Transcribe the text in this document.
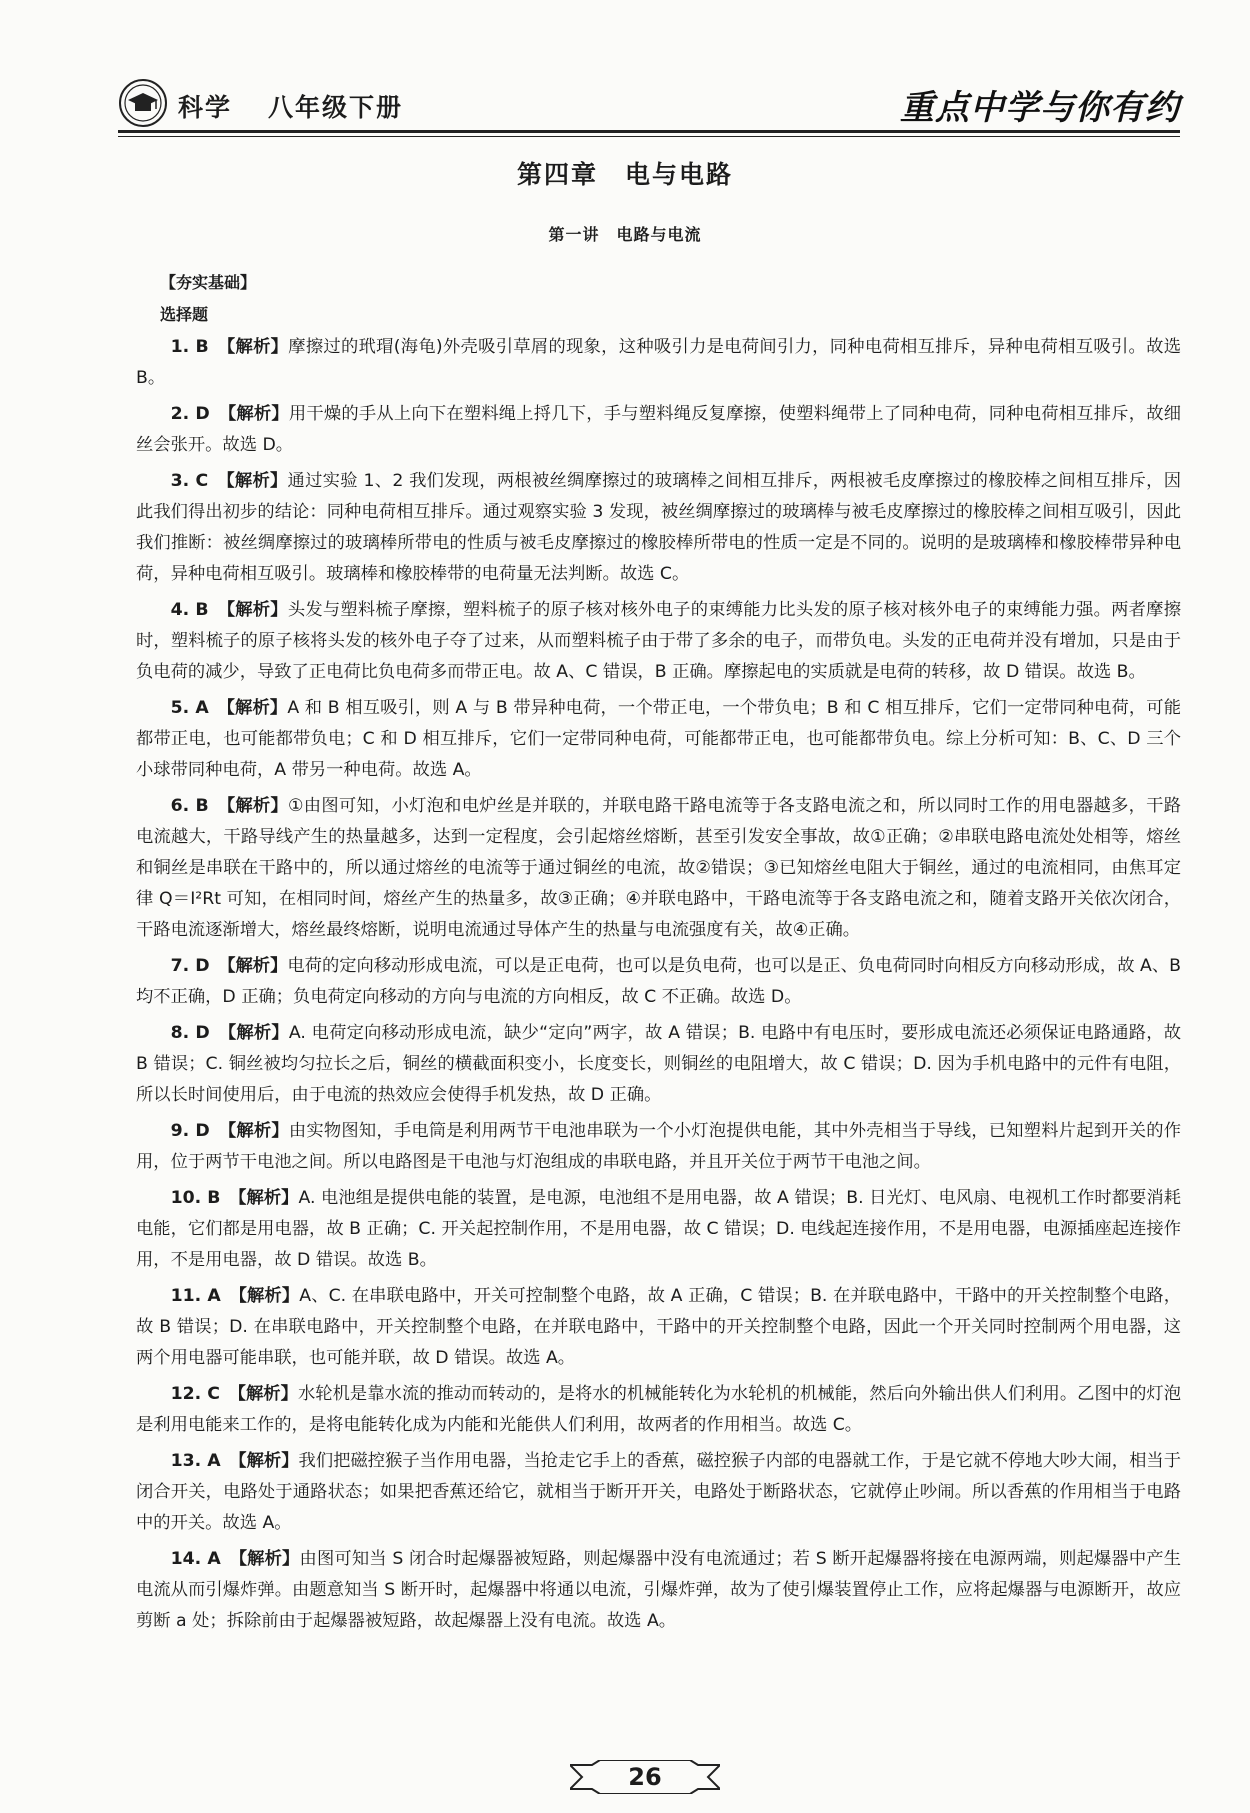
科学 八年级下册	重点中学与你有约
第四章　电与电路
第一讲　电路与电流
【夯实基础】
选择题

1. B　 【解析】摩擦过的玳瑁(海龟)外壳吸引草屑的现象，这种吸引力是电荷间引力，同种电荷相互排斥，异种电荷相互吸引。故选 B。

2. D　 【解析】用干燥的手从上向下在塑料绳上捋几下，手与塑料绳反复摩擦，使塑料绳带上了同种电荷，同种电荷相互排斥，故细丝会张开。故选 D。

3. C　 【解析】通过实验 1、2 我们发现，两根被丝绸摩擦过的玻璃棒之间相互排斥，两根被毛皮摩擦过的橡胶棒之间相互排斥，因此我们得出初步的结论：同种电荷相互排斥。通过观察实验 3 发现，被丝绸摩擦过的玻璃棒与被毛皮摩擦过的橡胶棒之间相互吸引，因此我们推断：被丝绸摩擦过的玻璃棒所带电的性质与被毛皮摩擦过的橡胶棒所带电的性质一定是不同的。说明的是玻璃棒和橡胶棒带异种电荷，异种电荷相互吸引。玻璃棒和橡胶棒带的电荷量无法判断。故选 C。

4. B　 【解析】头发与塑料梳子摩擦，塑料梳子的原子核对核外电子的束缚能力比头发的原子核对核外电子的束缚能力强。两者摩擦时，塑料梳子的原子核将头发的核外电子夺了过来，从而塑料梳子由于带了多余的电子，而带负电。头发的正电荷并没有增加，只是由于负电荷的减少，导致了正电荷比负电荷多而带正电。故 A、C 错误，B 正确。摩擦起电的实质就是电荷的转移，故 D 错误。故选 B。

5. A　 【解析】A 和 B 相互吸引，则 A 与 B 带异种电荷，一个带正电，一个带负电；B 和 C 相互排斥，它们一定带同种电荷，可能都带正电，也可能都带负电；C 和 D 相互排斥，它们一定带同种电荷，可能都带正电，也可能都带负电。综上分析可知：B、C、D 三个小球带同种电荷，A 带另一种电荷。故选 A。

6. B　 【解析】①由图可知，小灯泡和电炉丝是并联的，并联电路干路电流等于各支路电流之和，所以同时工作的用电器越多，干路电流越大，干路导线产生的热量越多，达到一定程度，会引起熔丝熔断，甚至引发安全事故，故①正确；②串联电路电流处处相等，熔丝和铜丝是串联在干路中的，所以通过熔丝的电流等于通过铜丝的电流，故②错误；③已知熔丝电阻大于铜丝，通过的电流相同，由焦耳定律 Q＝I²Rt 可知，在相同时间，熔丝产生的热量多，故③正确；④并联电路中，干路电流等于各支路电流之和，随着支路开关依次闭合，干路电流逐渐增大，熔丝最终熔断，说明电流通过导体产生的热量与电流强度有关，故④正确。

7. D　 【解析】电荷的定向移动形成电流，可以是正电荷，也可以是负电荷，也可以是正、负电荷同时向相反方向移动形成，故 A、B 均不正确，D 正确；负电荷定向移动的方向与电流的方向相反，故 C 不正确。故选 D。

8. D　 【解析】A. 电荷定向移动形成电流，缺少“定向”两字，故 A 错误；B. 电路中有电压时，要形成电流还必须保证电路通路，故 B 错误；C. 铜丝被均匀拉长之后，铜丝的横截面积变小，长度变长，则铜丝的电阻增大，故 C 错误；D. 因为手机电路中的元件有电阻，所以长时间使用后，由于电流的热效应会使得手机发热，故 D 正确。

9. D　 【解析】由实物图知，手电筒是利用两节干电池串联为一个小灯泡提供电能，其中外壳相当于导线，已知塑料片起到开关的作用，位于两节干电池之间。所以电路图是干电池与灯泡组成的串联电路，并且开关位于两节干电池之间。

10. B　 【解析】A. 电池组是提供电能的装置，是电源，电池组不是用电器，故 A 错误；B. 日光灯、电风扇、电视机工作时都要消耗电能，它们都是用电器，故 B 正确；C. 开关起控制作用，不是用电器，故 C 错误；D. 电线起连接作用，不是用电器，电源插座起连接作用，不是用电器，故 D 错误。故选 B。

11. A　 【解析】A、C. 在串联电路中，开关可控制整个电路，故 A 正确，C 错误；B. 在并联电路中，干路中的开关控制整个电路，故 B 错误；D. 在串联电路中，开关控制整个电路，在并联电路中，干路中的开关控制整个电路，因此一个开关同时控制两个用电器，这两个用电器可能串联，也可能并联，故 D 错误。故选 A。

12. C　 【解析】水轮机是靠水流的推动而转动的，是将水的机械能转化为水轮机的机械能，然后向外输出供人们利用。乙图中的灯泡是利用电能来工作的，是将电能转化成为内能和光能供人们利用，故两者的作用相当。故选 C。

13. A　 【解析】我们把磁控猴子当作用电器，当抢走它手上的香蕉，磁控猴子内部的电器就工作，于是它就不停地大吵大闹，相当于闭合开关，电路处于通路状态；如果把香蕉还给它，就相当于断开开关，电路处于断路状态，它就停止吵闹。所以香蕉的作用相当于电路中的开关。故选 A。

14. A　 【解析】由图可知当 S 闭合时起爆器被短路，则起爆器中没有电流通过；若 S 断开起爆器将接在电源两端，则起爆器中产生电流从而引爆炸弹。由题意知当 S 断开时，起爆器中将通以电流，引爆炸弹，故为了使引爆装置停止工作，应将起爆器与电源断开，故应剪断 a 处；拆除前由于起爆器被短路，故起爆器上没有电流。故选 A。

26
